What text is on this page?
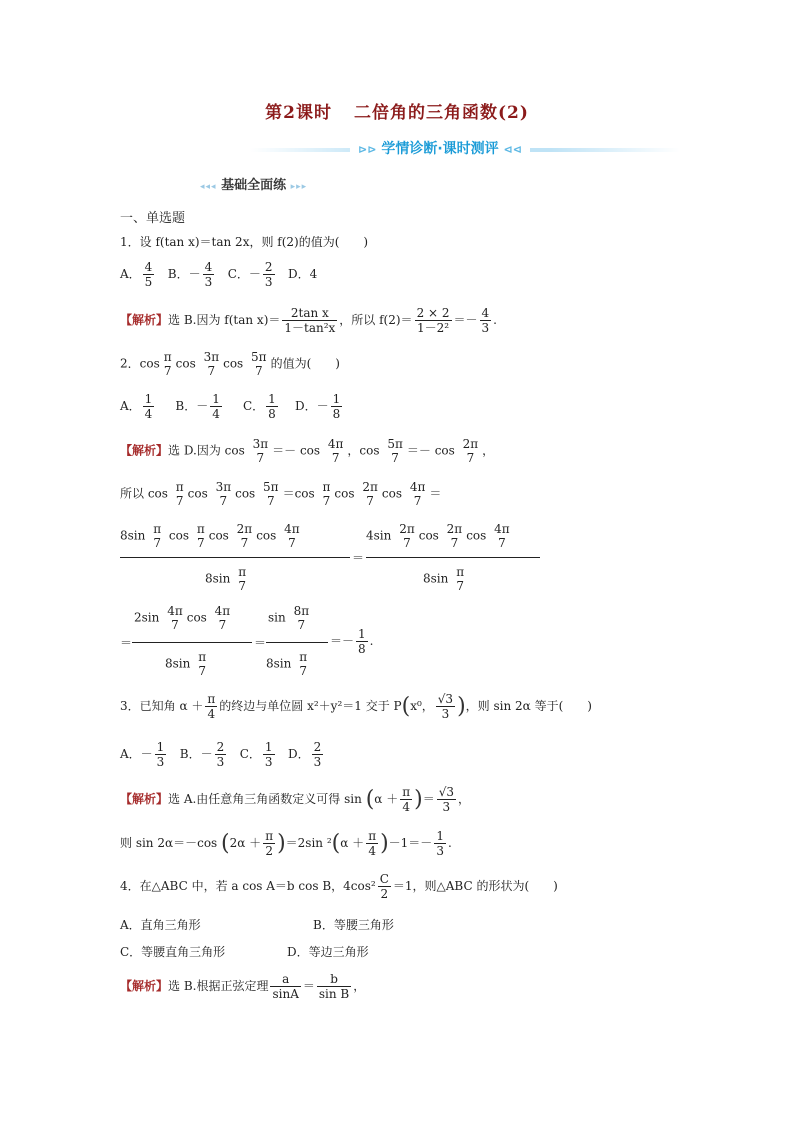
第2课时 二倍角的三角函数(2)
⊳⊳ 学情诊断·课时测评 ⊲⊲
◂◂◂ 基础全面练 ▸▸▸
一、单选题
1．设 f(tan x)＝tan 2x，则 f(2)的值为(　　)
A． $\frac{4}{5}$ B．－ $\frac{4}{3}$ C．－ $\frac{2}{3}$ D．4
【解析】选 B.因为 f(tan $x)= \frac{\text{2tan x}}{\text{1－tan²x}}$ ，所以 $f(2)= \frac{2 \times 2}{\text{1－2²}} =- \frac{4}{3}$ .
2．cos π
7
cos 3π
7
cos 5π
7
的值为(　　)
A． $\frac{1}{4}$ B．－ $\frac{1}{4}$ C． $\frac{1}{8}$ D．－ $\frac{1}{8}$
【解析】选 D.因为 cos 3π
7
＝－ cos 4π
7
，cos 5π
7
＝－ cos 2π
7
，
所以 cos π
7
cos 3π
7
cos 5π
7
＝cos π
7
cos 2π
7
cos 4π
7
＝
8sin π
7
cos π
7
cos 2π
7
cos 4π
7
＝
4sin 2π
7
cos 2π
7
cos 4π
7
8sin π
7
8sin π
7
＝
2sin 4π
7
cos 4π
7
8sin π
7
＝
sin 8π
7
8sin π
7
＝－ $\frac{1}{8}$ .
3．已知角 $\alpha + \frac{\pi}{4}$ 的终边与单位圆 x²＋y²＝1 交于 P(x⁰， $\frac{√3}{3}$ )，则 sin 2α 等于(　　)
A．－ $\frac{1}{3}$ B．－ $\frac{2}{3}$ C． $\frac{1}{3}$ D． $\frac{2}{3}$
【解析】选 A.由任意角三角函数定义可得 $\sin (\alpha + \frac{\pi}{4}$ )＝ $\frac{√3}{3}$ ，
则 sin 2α＝－cos $(2\alpha + \frac{\pi}{2} )=2\sin$ $^2(\alpha + \frac{\pi}{4} )-1=- \frac{1}{3}$ .
4．在△ABC 中，若 a cos A＝b cos B，$4\cos^2 \frac{C}{2} =1$，则△ABC 的形状为(　　)
A．直角三角形	B．等腰三角形
C．等腰直角三角形	D．等边三角形
【解析】选 B.根据正弦定理 $\frac{a}{\sin A} = \frac{b}{\text{sin B}}$ ，
